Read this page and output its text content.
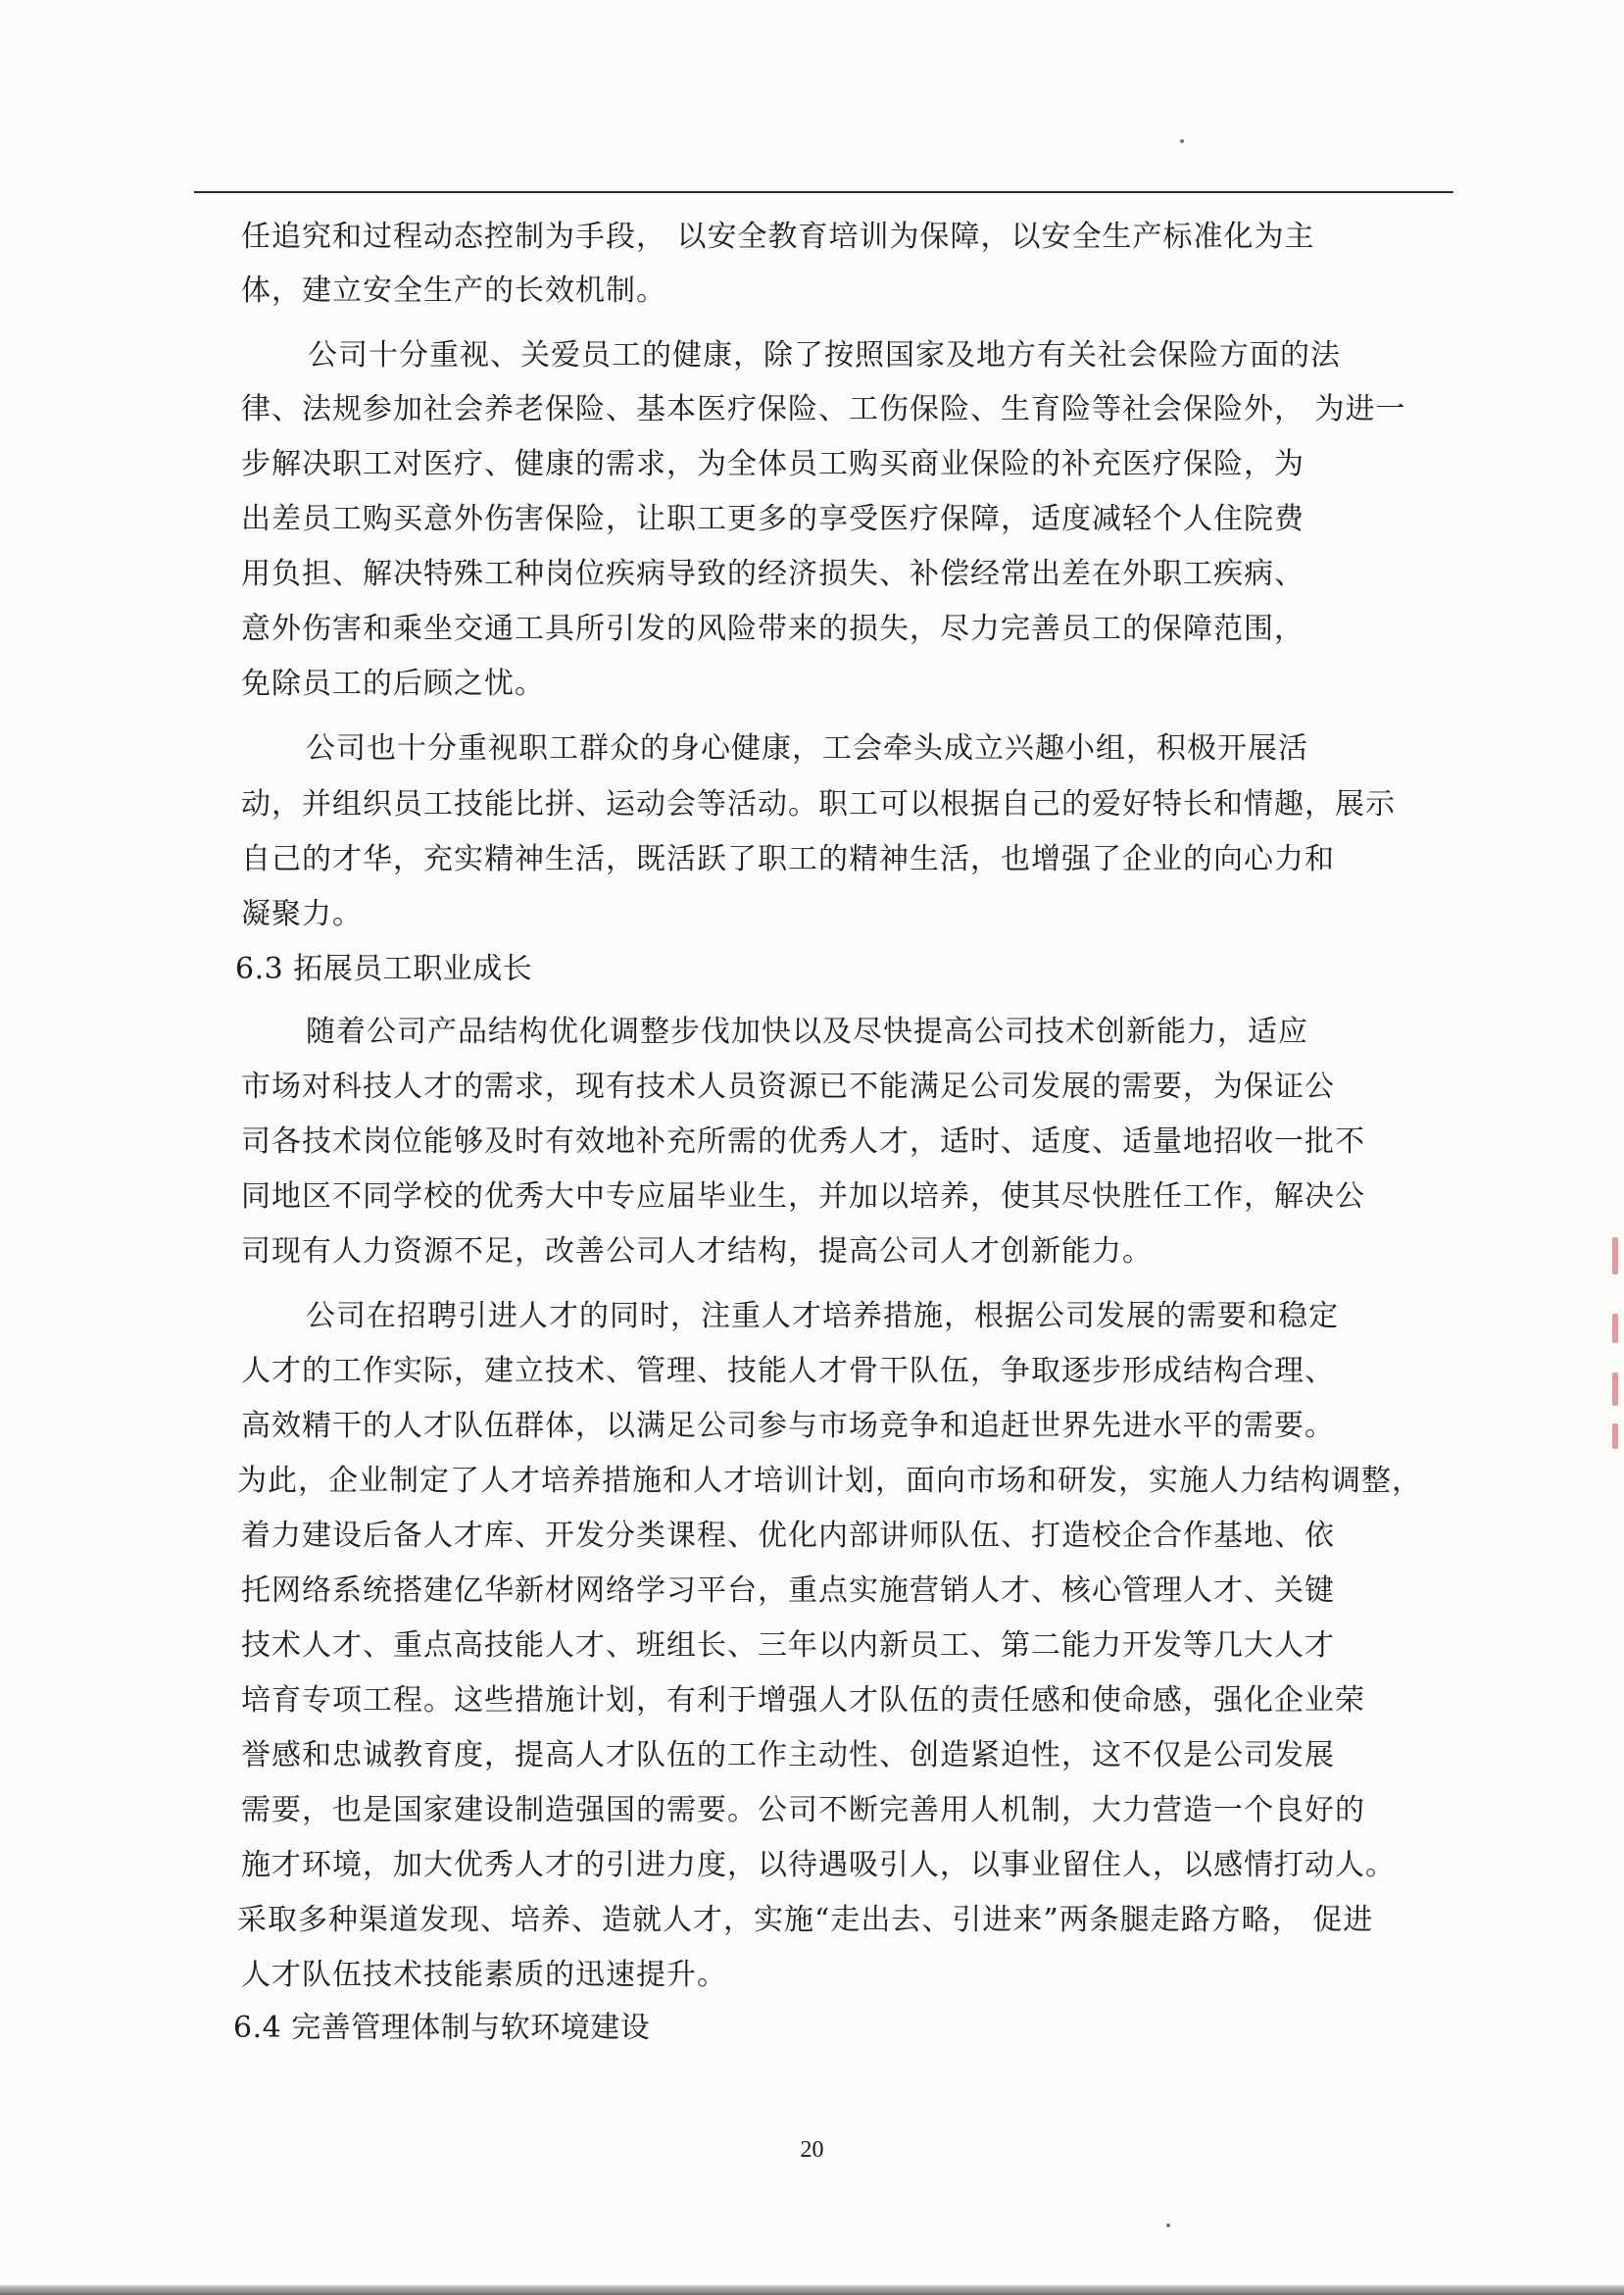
任追究和过程动态控制为手段， 以安全教育培训为保障，以安全生产标准化为主
体，建立安全生产的长效机制。
公司十分重视、关爱员工的健康，除了按照国家及地方有关社会保险方面的法
律、法规参加社会养老保险、基本医疗保险、工伤保险、生育险等社会保险外， 为进一
步解决职工对医疗、健康的需求，为全体员工购买商业保险的补充医疗保险，为
出差员工购买意外伤害保险，让职工更多的享受医疗保障，适度减轻个人住院费
用负担、解决特殊工种岗位疾病导致的经济损失、补偿经常出差在外职工疾病、
意外伤害和乘坐交通工具所引发的风险带来的损失，尽力完善员工的保障范围，
免除员工的后顾之忧。
公司也十分重视职工群众的身心健康，工会牵头成立兴趣小组，积极开展活
动，并组织员工技能比拼、运动会等活动。职工可以根据自己的爱好特长和情趣，展示
自己的才华，充实精神生活，既活跃了职工的精神生活，也增强了企业的向心力和
凝聚力。
6.3 拓展员工职业成长
随着公司产品结构优化调整步伐加快以及尽快提高公司技术创新能力，适应
市场对科技人才的需求，现有技术人员资源已不能满足公司发展的需要，为保证公
司各技术岗位能够及时有效地补充所需的优秀人才，适时、适度、适量地招收一批不
同地区不同学校的优秀大中专应届毕业生，并加以培养，使其尽快胜任工作，解决公
司现有人力资源不足，改善公司人才结构，提高公司人才创新能力。
公司在招聘引进人才的同时，注重人才培养措施，根据公司发展的需要和稳定
人才的工作实际，建立技术、管理、技能人才骨干队伍，争取逐步形成结构合理、
高效精干的人才队伍群体，以满足公司参与市场竞争和追赶世界先进水平的需要。
为此，企业制定了人才培养措施和人才培训计划，面向市场和研发，实施人力结构调整，
着力建设后备人才库、开发分类课程、优化内部讲师队伍、打造校企合作基地、依
托网络系统搭建亿华新材网络学习平台，重点实施营销人才、核心管理人才、关键
技术人才、重点高技能人才、班组长、三年以内新员工、第二能力开发等几大人才
培育专项工程。这些措施计划，有利于增强人才队伍的责任感和使命感，强化企业荣
誉感和忠诚教育度，提高人才队伍的工作主动性、创造紧迫性，这不仅是公司发展
需要，也是国家建设制造强国的需要。公司不断完善用人机制，大力营造一个良好的
施才环境，加大优秀人才的引进力度，以待遇吸引人，以事业留住人，以感情打动人。
采取多种渠道发现、培养、造就人才，实施“走出去、引进来”两条腿走路方略， 促进
人才队伍技术技能素质的迅速提升。
6.4 完善管理体制与软环境建设
20
